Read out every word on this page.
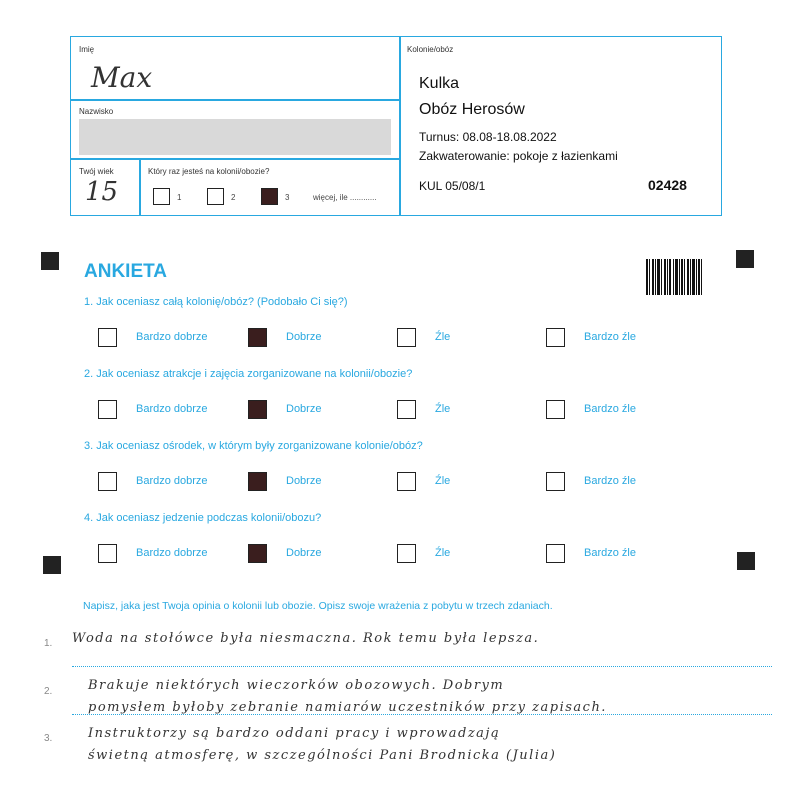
Imię
Max
Nazwisko
Twój wiek
15
Który raz jesteś na kolonii/obozie?
1	2	3	więcej, ile ............
Kolonie/obóz
Kulka
Obóz Herosów
Turnus: 08.08-18.08.2022
Zakwaterowanie: pokoje z łazienkami
KUL 05/08/1	02428
ANKIETA
1. Jak oceniasz całą kolonię/obóz? (Podobało Ci się?)
Bardzo dobrze	Dobrze	Źle	Bardzo źle
2. Jak oceniasz atrakcje i zajęcia zorganizowane na kolonii/obozie?
Bardzo dobrze	Dobrze	Źle	Bardzo źle
3. Jak oceniasz ośrodek, w którym były zorganizowane kolonie/obóz?
Bardzo dobrze	Dobrze	Źle	Bardzo źle
4. Jak oceniasz jedzenie podczas kolonii/obozu?
Bardzo dobrze	Dobrze	Źle	Bardzo źle
Napisz, jaka jest Twoja opinia o kolonii lub obozie. Opisz swoje wrażenia z pobytu w trzech zdaniach.
1.
2.
3.
Woda na stołówce była niesmaczna. Rok temu była lepsza.
Brakuje niektórych wieczorków obozowych. Dobrym
pomysłem byłoby zebranie namiarów uczestników przy zapisach.
Instruktorzy są bardzo oddani pracy i wprowadzają
świetną atmosferę, w szczególności Pani Brodnicka (Julia)
